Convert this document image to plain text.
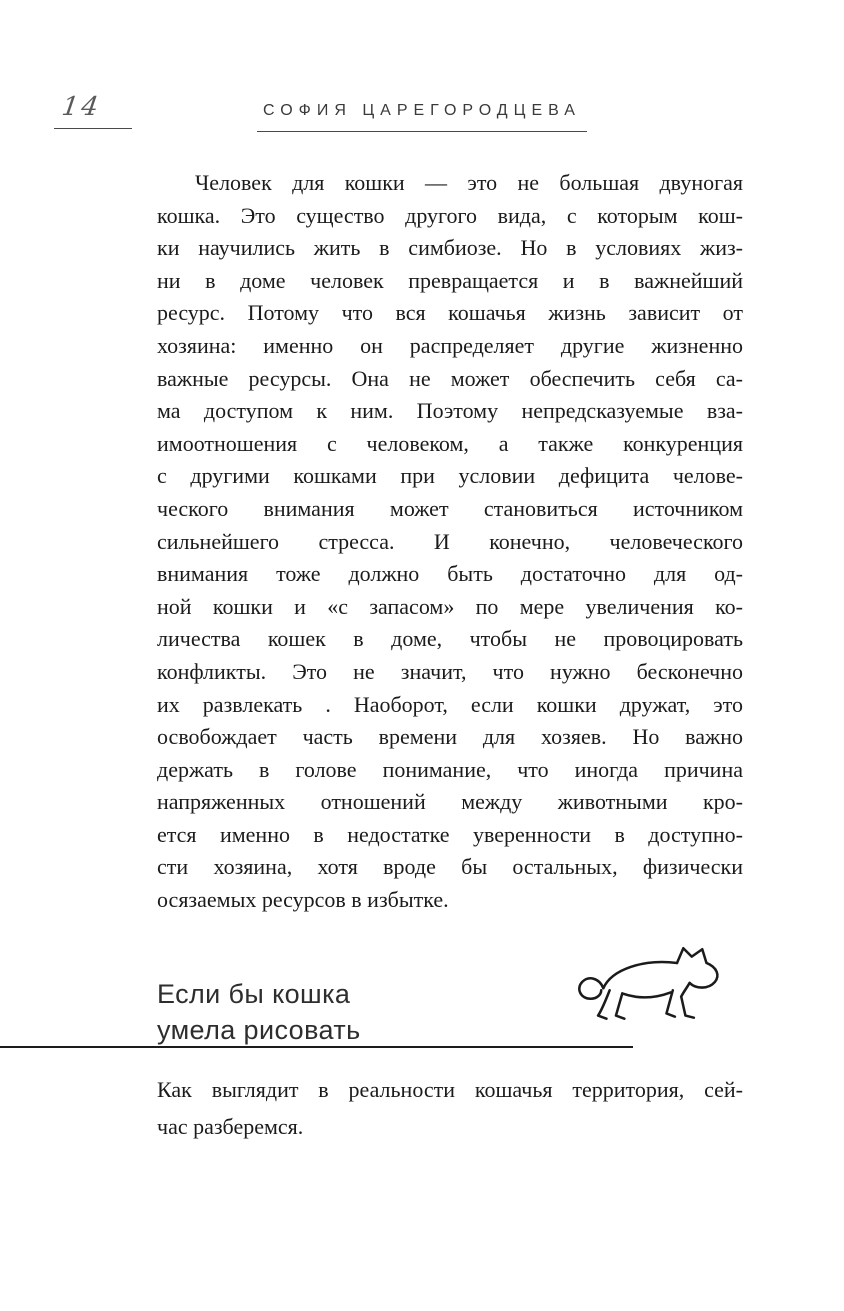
14	СОФИЯ ЦАРЕГОРОДЦЕВА
Человек для кошки — это не большая двуногая
кошка. Это существо другого вида, с которым кош-
ки научились жить в симбиозе. Но в условиях жиз-
ни в доме человек превращается и в важнейший
ресурс. Потому что вся кошачья жизнь зависит от
хозяина: именно он распределяет другие жизненно
важные ресурсы. Она не может обеспечить себя са-
ма доступом к ним. Поэтому непредсказуемые вза-
имоотношения с человеком, а также конкуренция
с другими кошками при условии дефицита челове-
ческого внимания может становиться источником
сильнейшего стресса. И конечно, человеческого
внимания тоже должно быть достаточно для од-
ной кошки и «с запасом» по мере увеличения ко-
личества кошек в доме, чтобы не провоцировать
конфликты. Это не значит, что нужно бесконечно
их развлекать . Наоборот, если кошки дружат, это
освобождает часть времени для хозяев. Но важно
держать в голове понимание, что иногда причина
напряженных отношений между животными кро-
ется именно в недостатке уверенности в доступно-
сти хозяина, хотя вроде бы остальных, физически
осязаемых ресурсов в избытке.
Если бы кошка
умела рисовать
Как выглядит в реальности кошачья территория, сей-
час разберемся.
